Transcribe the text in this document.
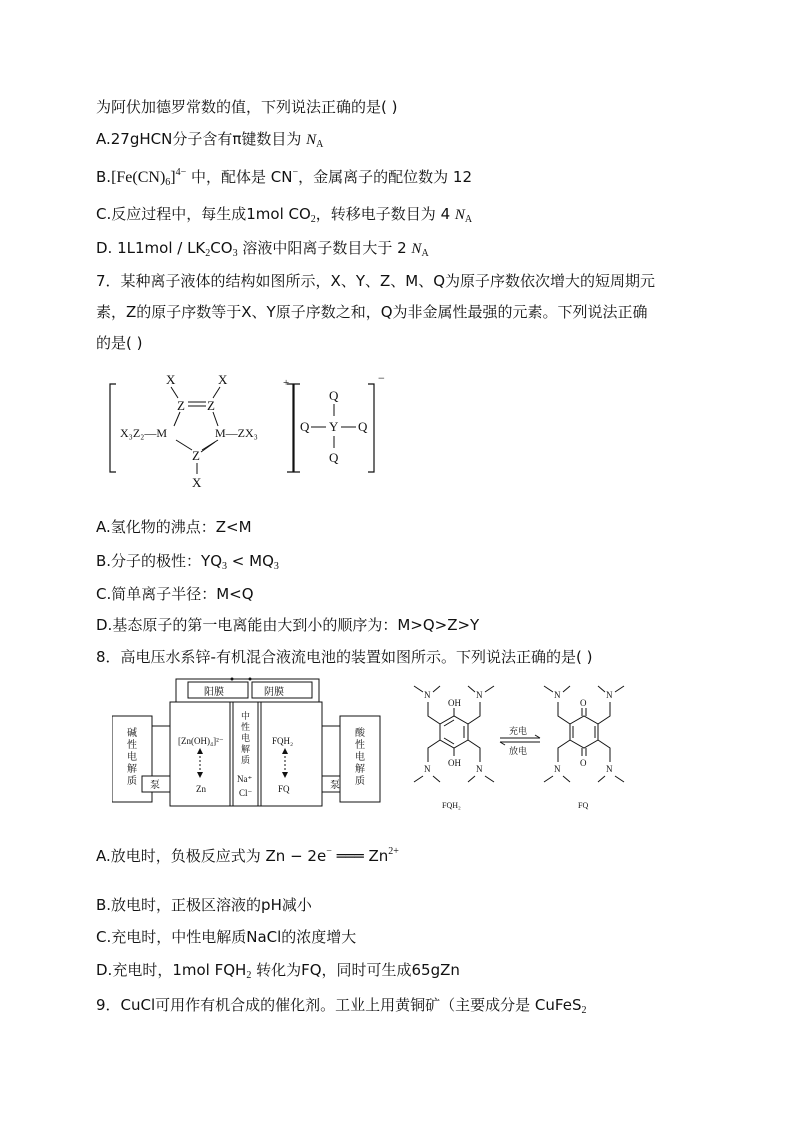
为阿伏加德罗常数的值，下列说法正确的是( )
A.27gHCN分子含有π键数目为 $N_A$
$B.[Fe(CN)_6]^{4-}$ 中，配体是 CN−，金属离子的配位数为 12
C.反应过程中，每生成1mol $CO_2$，转移电子数目为 4 $N_A$
D. $1L1mol / LK_2CO_3$ 溶液中阳离子数目大于 2 $N_A$
7．某种离子液体的结构如图所示，X、Y、Z、M、Q为原子序数依次增大的短周期元
素，Z的原子序数等于X、Y原子序数之和，Q为非金属性最强的元素。下列说法正确
的是( )
+
X	X
Z Z
X₃Z₂—M	M—ZX₃
Z
X
−
Q
Q Y Q
Q
A.氢化物的沸点：Z<M
B.分子的极性：$YQ_3 < MQ_3$
C.简单离子半径：M<Q
D.基态原子的第一电离能由大到小的顺序为：M>Q>Z>Y
8．高电压水系锌-有机混合液流电池的装置如图所示。下列说法正确的是( )
阳膜	阴膜
碱
性
电
解
质 泵
[Zn(OH)₄]²⁻
Zn
中
性
电
解
质
Na⁺
Cl⁻
FQH₂
FQ	泵
酸
性
电
解
质
OH
OH
N	N
N	N
FQH₂
充电
放电
O
O
N	N
N	N
FQ
A.放电时，负极反应式为 Zn − 2e− ═══ $Zn^{2+}$
B.放电时，正极区溶液的pH减小
C.充电时，中性电解质NaCl的浓度增大
D.充电时，1mol $FQH_2$ 转化为FQ，同时可生成65gZn
9．CuCl可用作有机合成的催化剂。工业上用黄铜矿（主要成分是 CuFeS$_2$
